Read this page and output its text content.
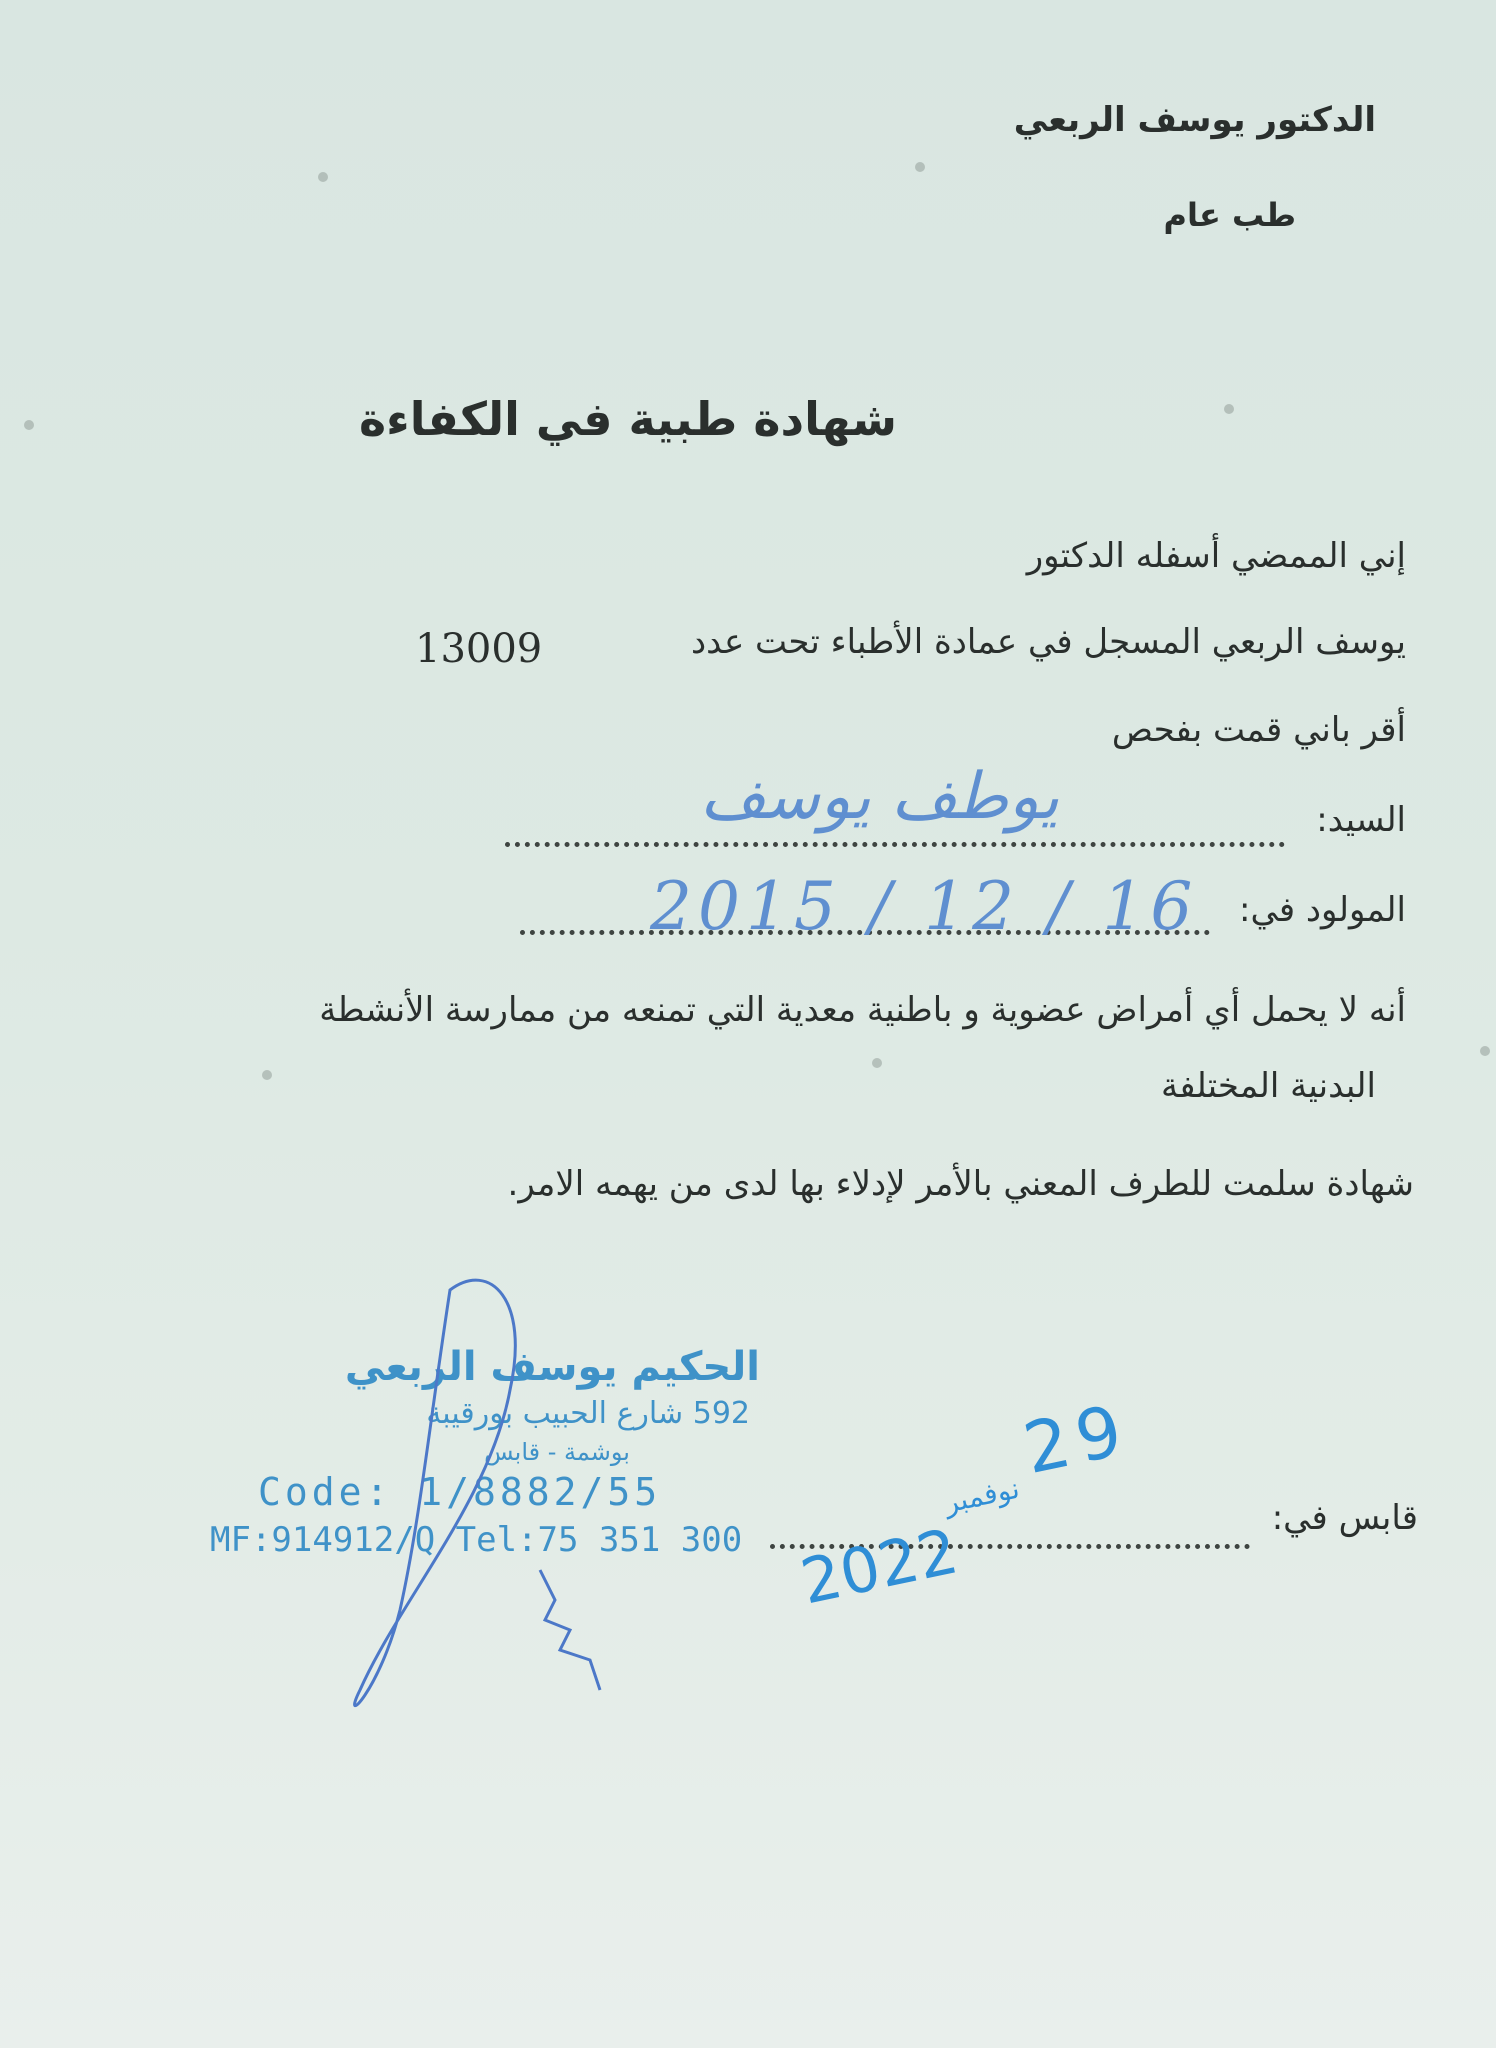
الدكتور يوسف الربعي
طب عام
شهادة طبية في الكفاءة
إني الممضي أسفله الدكتور
يوسف الربعي المسجل في عمادة الأطباء تحت عدد
13009
أقر باني قمت بفحص
السيد:
يوطف يوسف
المولود في:
2015 / 12 / 16
أنه لا يحمل أي أمراض عضوية و باطنية معدية التي تمنعه من ممارسة الأنشطة
البدنية المختلفة
شهادة سلمت للطرف المعني بالأمر لإدلاء بها لدى من يهمه الامر.
الحكيم يوسف الربعي
592 شارع الحبيب بورقيبة
بوشمة - قابس
Code: 1/8882/55
MF:914912/Q Tel:75 351 300
قابس في:
2022
نوفمبر
29
